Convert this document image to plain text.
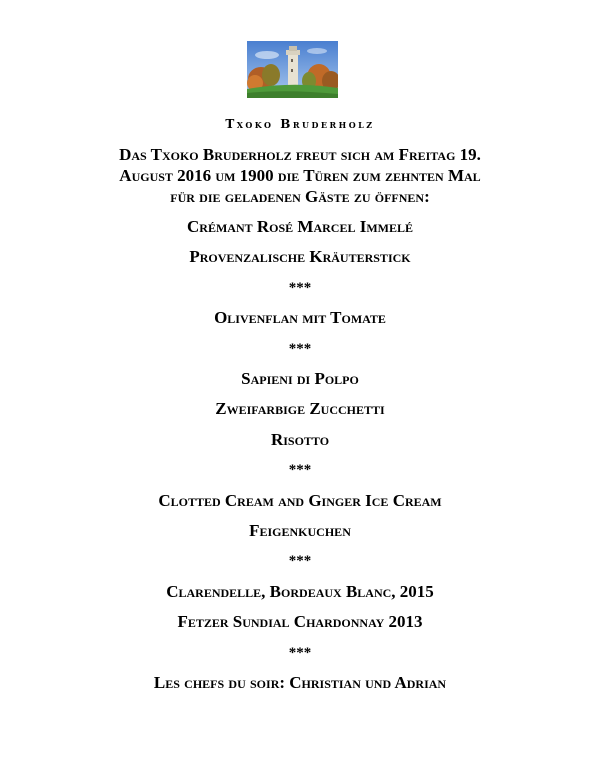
Txoko Bruderholz
Das Txoko Bruderholz freut sich am Freitag 19.
August 2016 um 1900 die Türen zum zehnten Mal
für die geladenen Gäste zu öffnen:
Crémant Rosé Marcel Immelé
Provenzalische Kräuterstick
***
Olivenflan mit Tomate
***
Sapieni di Polpo
Zweifarbige Zucchetti
Risotto
***
Clotted Cream and Ginger Ice Cream
Feigenkuchen
***
Clarendelle, Bordeaux Blanc, 2015
Fetzer Sundial Chardonnay 2013
***
Les chefs du soir: Christian und Adrian
